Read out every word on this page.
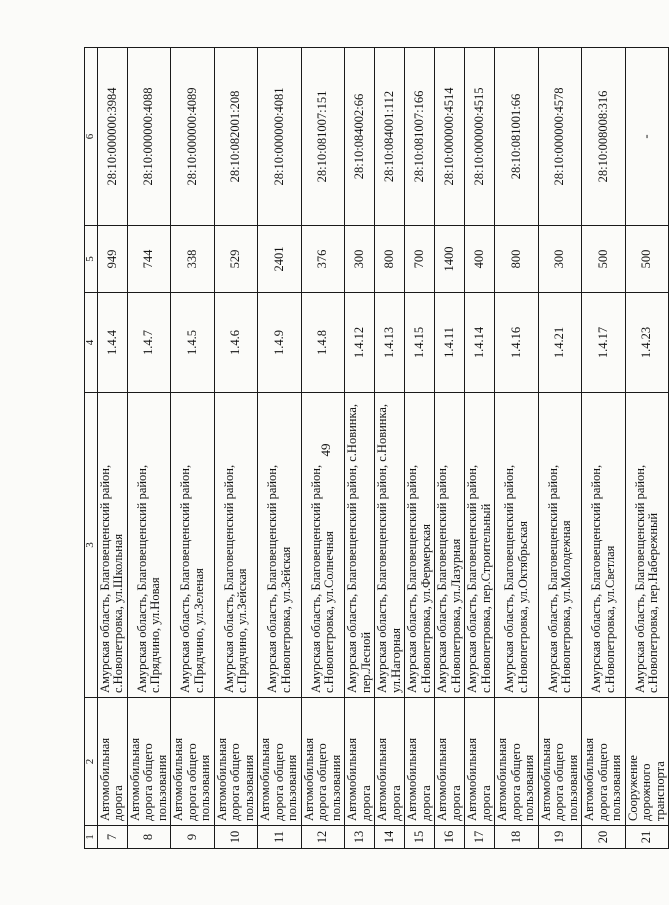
49
1	2	3	4	5	6
7	Автомобильная дорога	Амурская область, Благовещенский район, с.Новопетровка, ул.Школьная	1.4.4	949	28:10:000000:3984
8	Автомобильная дорога общего пользования	Амурская область, Благовещенский район, с.Прядчино, ул.Новая	1.4.7	744	28:10:000000:4088
9	Автомобильная дорога общего пользования	Амурская область, Благовещенский район, с.Прядчино, ул.Зеленая	1.4.5	338	28:10:000000:4089
10	Автомобильная дорога общего пользования	Амурская область, Благовещенский район, с.Прядчино, ул.Зейская	1.4.6	529	28:10:082001:208
11	Автомобильная дорога общего пользования	Амурская область, Благовещенский район, с.Новопетровка, ул.Зейская	1.4.9	2401	28:10:000000:4081
12	Автомобильная дорога общего пользования	Амурская область, Благовещенский район, с.Новопетровка, ул.Солнечная	1.4.8	376	28:10:081007:151
13	Автомобильная дорога	Амурская область, Благовещенский район, с.Новинка, пер.Лесной	1.4.12	300	28:10:084002:66
14	Автомобильная дорога	Амурская область, Благовещенский район, с.Новинка, ул.Нагорная	1.4.13	800	28:10:084001:112
15	Автомобильная дорога	Амурская область, Благовещенский район, с.Новопетровка, ул.Фермерская	1.4.15	700	28:10:081007:166
16	Автомобильная дорога	Амурская область, Благовещенский район, с.Новопетровка, ул.Лазурная	1.4.11	1400	28:10:000000:4514
17	Автомобильная дорога	Амурская область, Благовещенский район, с.Новопетровка, пер.Строительный	1.4.14	400	28:10:000000:4515
18	Автомобильная дорога общего пользования	Амурская область, Благовещенский район, с.Новопетровка, ул.Октябрьская	1.4.16	800	28:10:081001:66
19	Автомобильная дорога общего пользования	Амурская область, Благовещенский район, с.Новопетровка, ул.Молодежная	1.4.21	300	28:10:000000:4578
20	Автомобильная дорога общего пользования	Амурская область, Благовещенский район, с.Новопетровка, ул.Светлая	1.4.17	500	28:10:008008:316
21	Сооружение дорожного транспорта	Амурская область, Благовещенский район, с.Новопетровка, пер.Набережный	1.4.23	500	-
